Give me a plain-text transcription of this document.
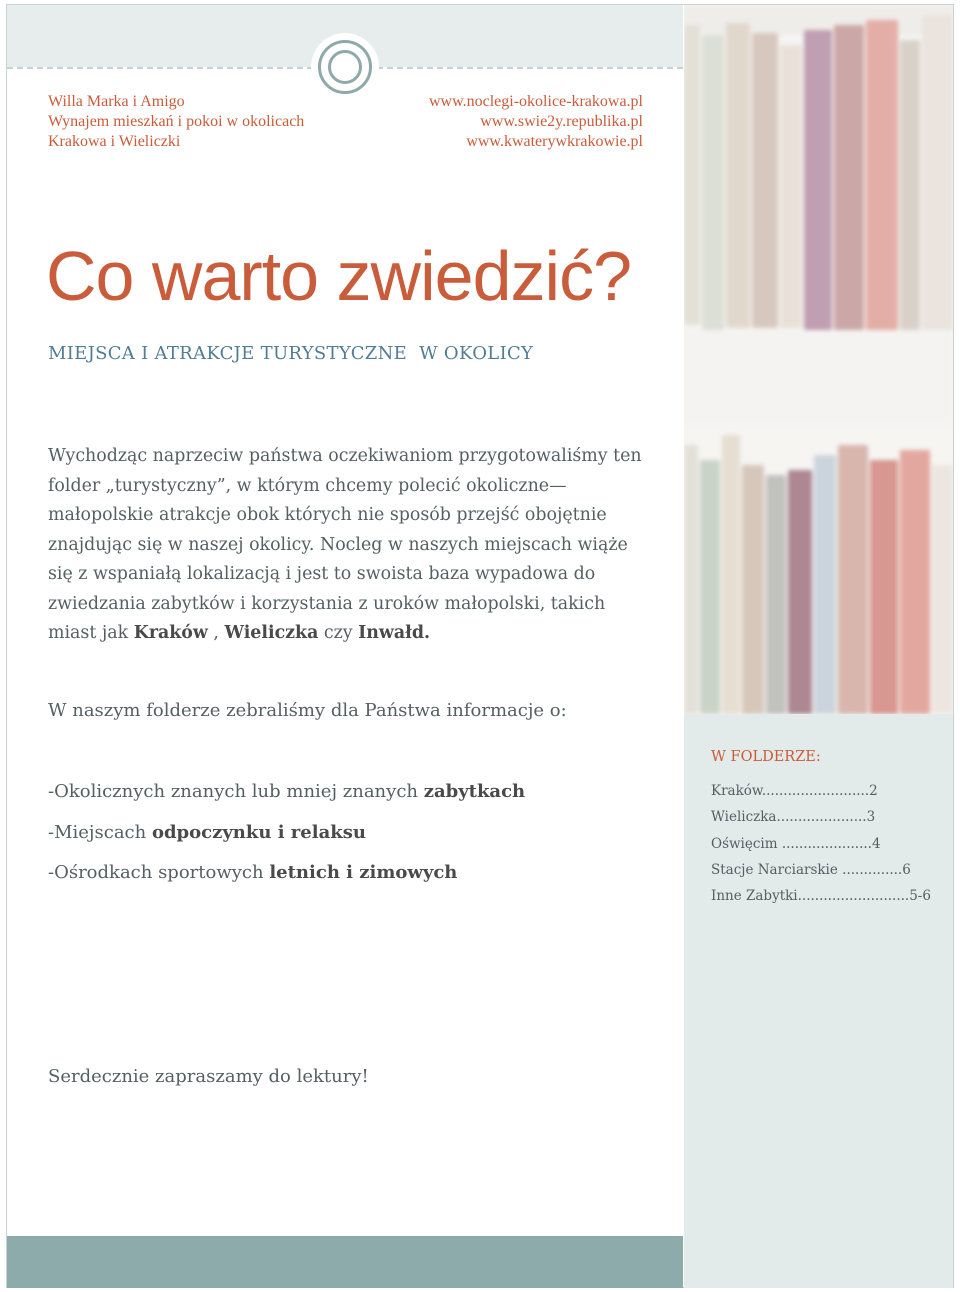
Willa Marka i Amigo
Wynajem mieszkań i pokoi w okolicach
Krakowa i Wieliczki
www.noclegi-okolice-krakowa.pl
www.swie2y.republika.pl
www.kwaterywkrakowie.pl
Co warto zwiedzić?
MIEJSCA I ATRAKCJE TURYSTYCZNE  W OKOLICY
Wychodząc naprzeciw państwa oczekiwaniom przygotowaliśmy ten folder „turystyczny”, w którym chcemy polecić okoliczne— małopolskie atrakcje obok których nie sposób przejść obojętnie znajdując się w naszej okolicy. Nocleg w naszych miejscach wiąże się z wspaniałą lokalizacją i jest to swoista baza wypadowa do zwiedzania zabytków i korzystania z uroków małopolski, takich miast jak Kraków , Wieliczka czy Inwałd.
W naszym folderze zebraliśmy dla Państwa informacje o:
-Okolicznych znanych lub mniej znanych zabytkach
-Miejscach odpoczynku i relaksu
-Ośrodkach sportowych letnich i zimowych
Serdecznie zapraszamy do lektury!
W FOLDERZE:
Kraków.........................2
Wieliczka.....................3
Oświęcim .....................4
Stacje Narciarskie ..............6
Inne Zabytki..........................5-6
